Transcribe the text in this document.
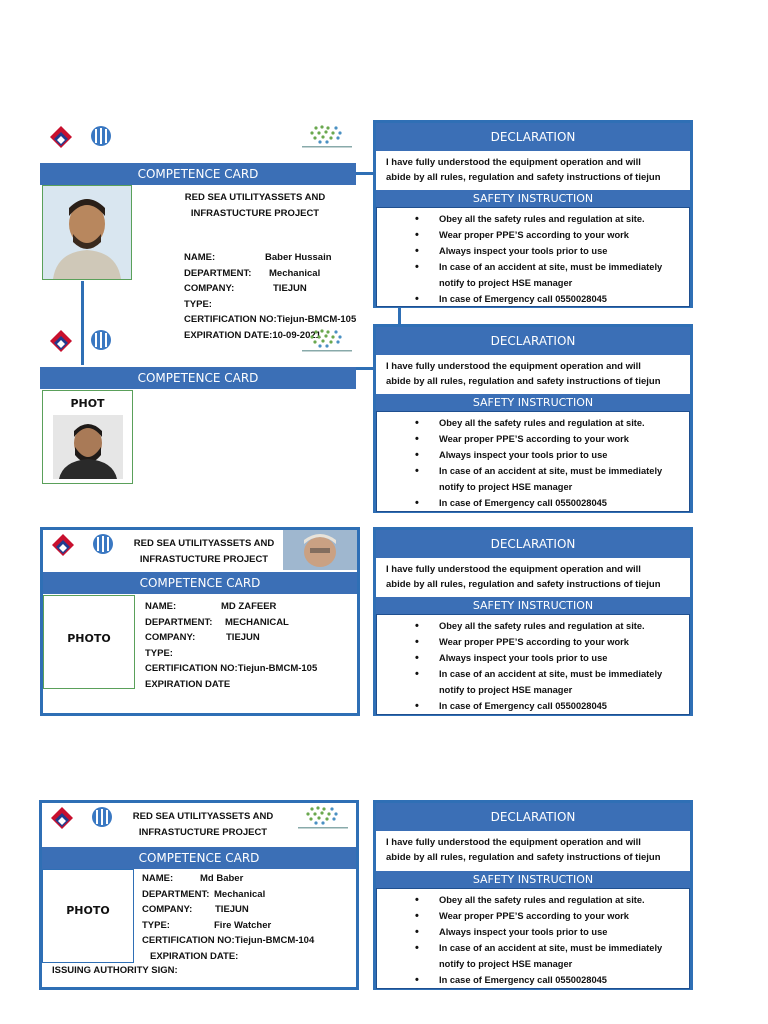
COMPETENCE CARD
RED SEA UTILITYASSETS AND
INFRASTUCTURE PROJECT
NAME:	Baber Hussain
DEPARTMENT: Mechanical
COMPANY:	TIEJUN
TYPE:
CERTIFICATION NO:Tiejun-BMCM-105
EXPIRATION DATE:10-09-2021
DECLARATION
I have fully understood the equipment operation and will
abide by all rules, regulation and safety instructions of tiejun
SAFETY INSTRUCTION
• Obey all the safety rules and regulation at site.
• Wear proper PPE’S according to your work
• Always inspect your tools prior to use
• In case of an accident at site, must be immediately
notify to project HSE manager
• In case of Emergency call 0550028045
COMPETENCE CARD
PHOT
DECLARATION
I have fully understood the equipment operation and will
abide by all rules, regulation and safety instructions of tiejun
SAFETY INSTRUCTION
• Obey all the safety rules and regulation at site.
• Wear proper PPE’S according to your work
• Always inspect your tools prior to use
• In case of an accident at site, must be immediately
notify to project HSE manager
• In case of Emergency call 0550028045
RED SEA UTILITYASSETS AND
INFRASTUCTURE PROJECT
COMPETENCE CARD
PHOTO
NAME:	MD ZAFEER
DEPARTMENT: MECHANICAL
COMPANY:	TIEJUN
TYPE:
CERTIFICATION NO:Tiejun-BMCM-105
EXPIRATION DATE
DECLARATION
I have fully understood the equipment operation and will
abide by all rules, regulation and safety instructions of tiejun
SAFETY INSTRUCTION
• Obey all the safety rules and regulation at site.
• Wear proper PPE’S according to your work
• Always inspect your tools prior to use
• In case of an accident at site, must be immediately
notify to project HSE manager
• In case of Emergency call 0550028045
RED SEA UTILITYASSETS AND
INFRASTUCTURE PROJECT
COMPETENCE CARD
PHOTO
NAME:	Md Baber
DEPARTMENT: Mechanical
COMPANY: TIEJUN
TYPE:	Fire Watcher
CERTIFICATION NO:Tiejun-BMCM-104
EXPIRATION DATE:
ISSUING AUTHORITY SIGN:
DECLARATION
I have fully understood the equipment operation and will
abide by all rules, regulation and safety instructions of tiejun
SAFETY INSTRUCTION
• Obey all the safety rules and regulation at site.
• Wear proper PPE’S according to your work
• Always inspect your tools prior to use
• In case of an accident at site, must be immediately
notify to project HSE manager
• In case of Emergency call 0550028045
